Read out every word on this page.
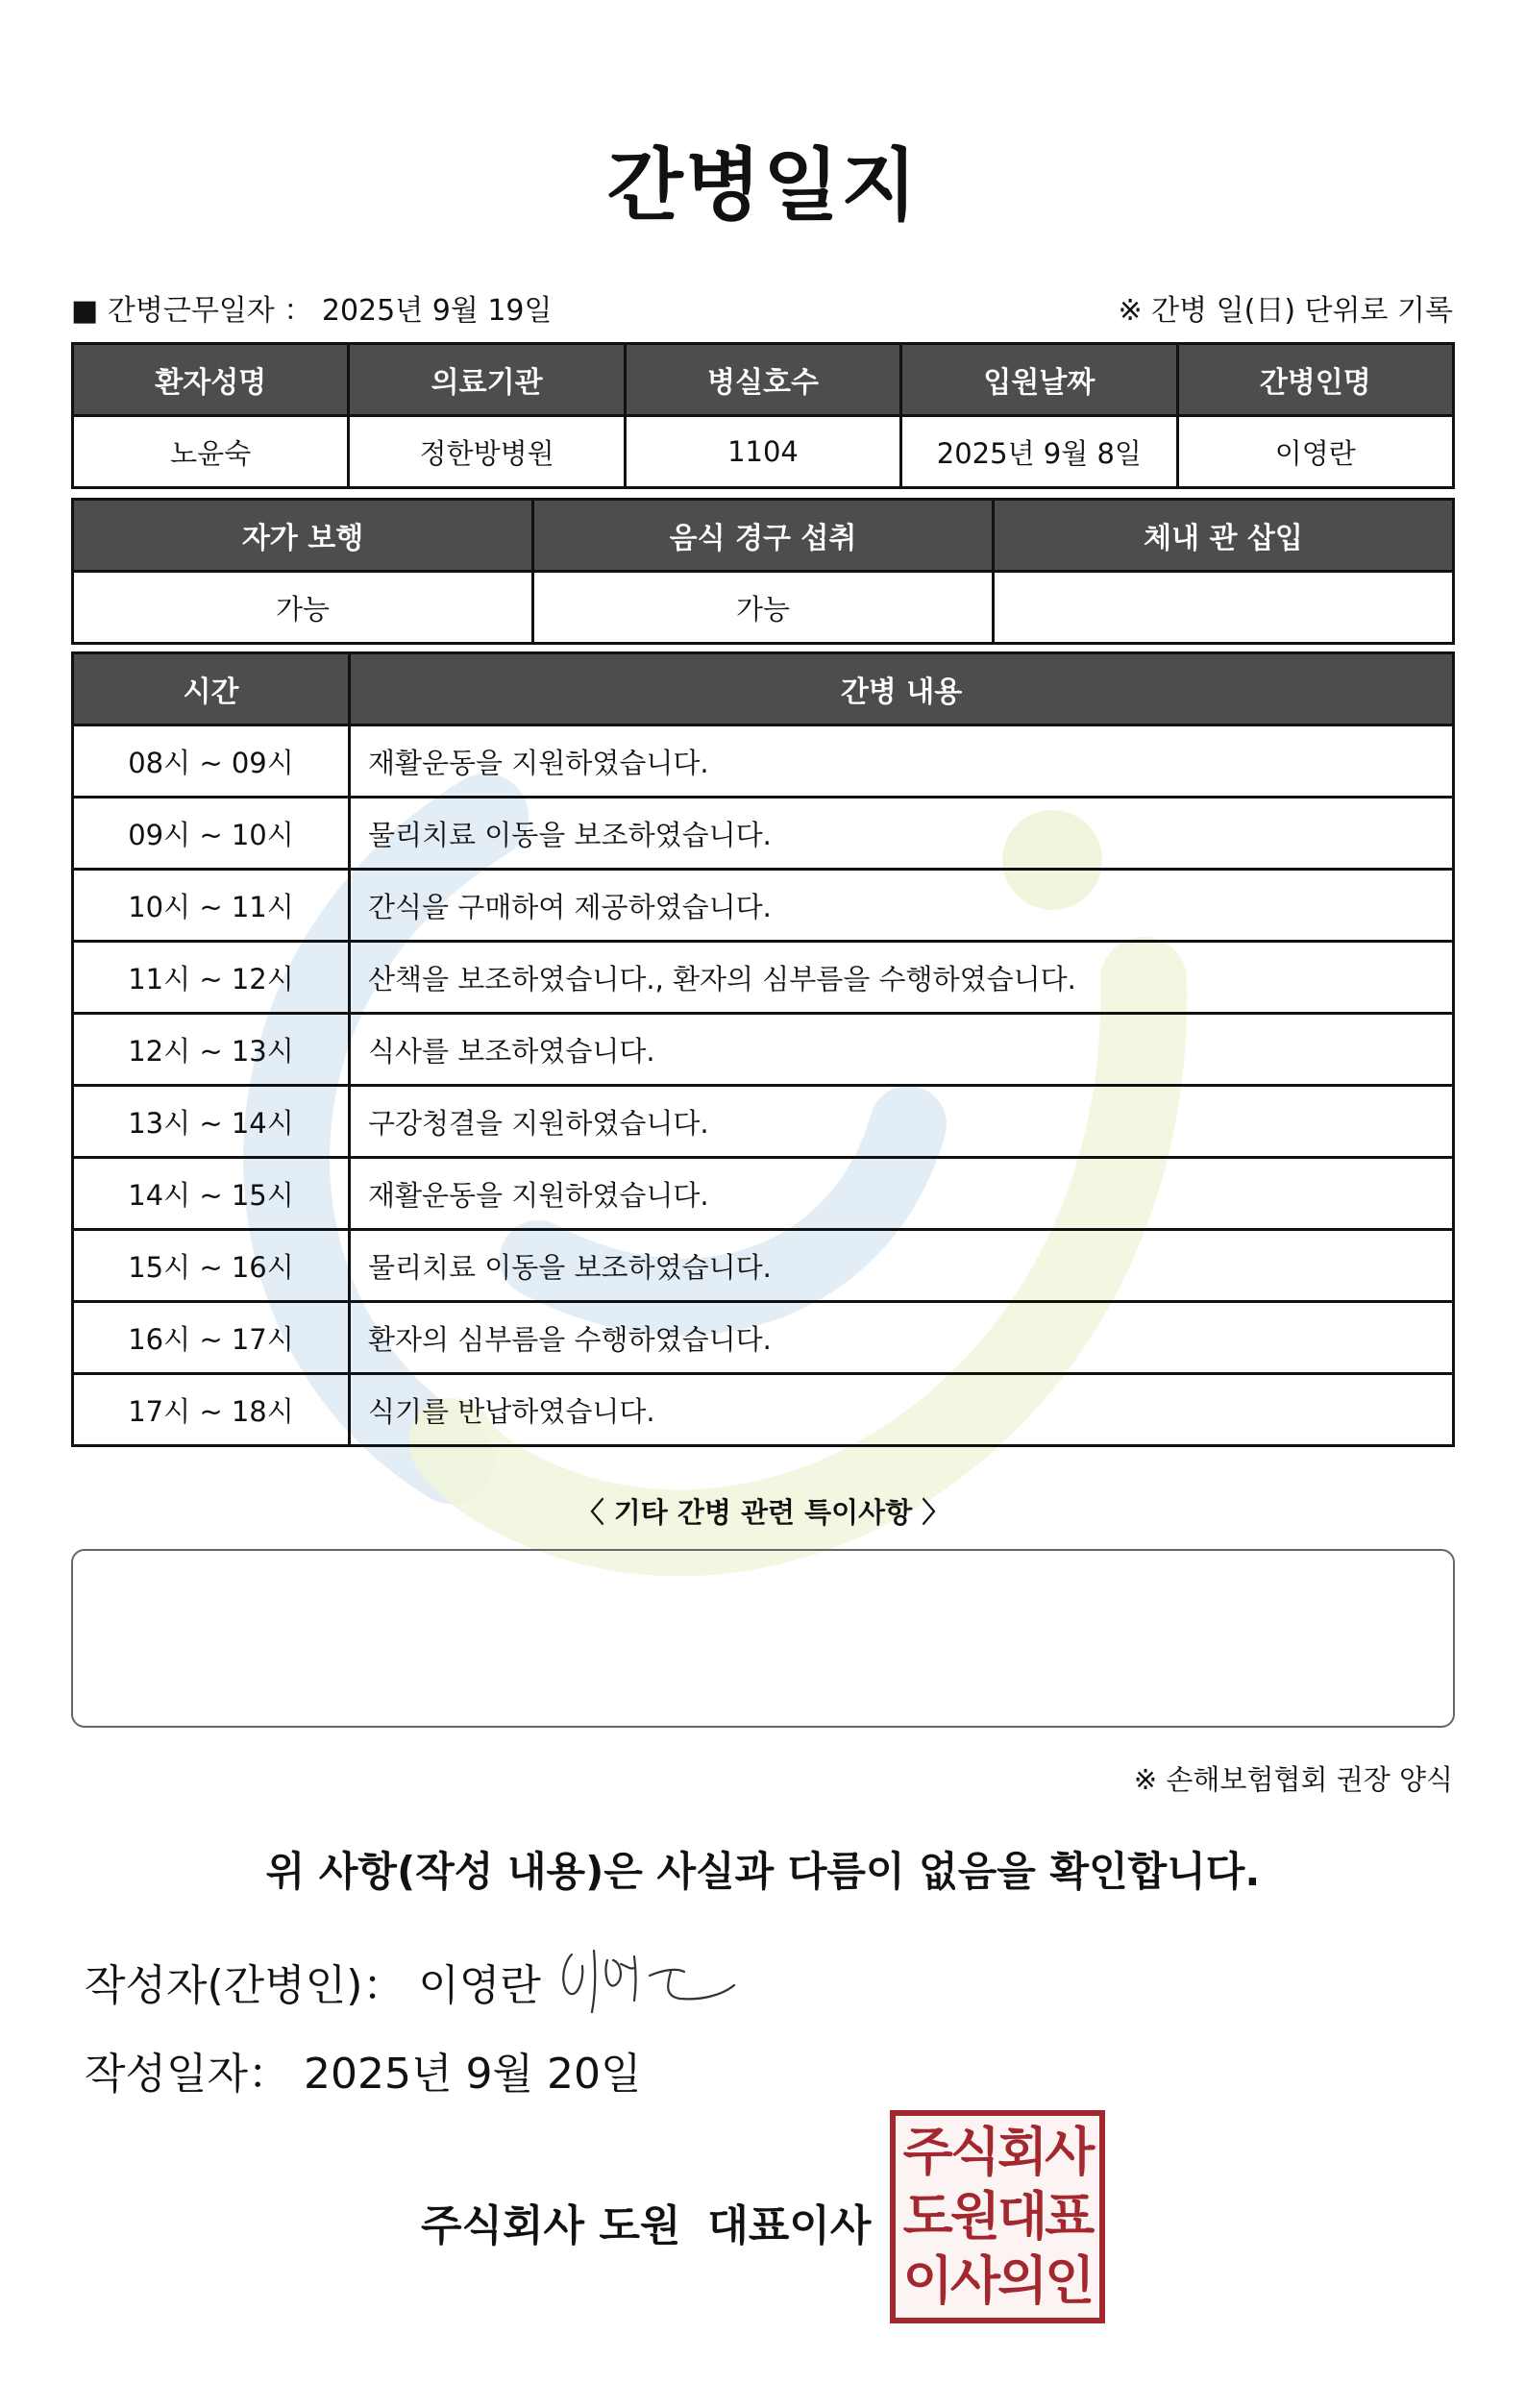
간병일지
■ 간병근무일자 ： 2025년 9월 19일	※ 간병 일(日) 단위로 기록
환자성명	의료기관	병실호수	입원날짜	간병인명
노윤숙	정한방병원	1104	2025년 9월 8일	이영란
자가 보행	음식 경구 섭취	체내 관 삽입
가능	가능	
시간	간병 내용
08시 ~ 09시	재활운동을 지원하였습니다.
09시 ~ 10시	물리치료 이동을 보조하였습니다.
10시 ~ 11시	간식을 구매하여 제공하였습니다.
11시 ~ 12시	산책을 보조하였습니다., 환자의 심부름을 수행하였습니다.
12시 ~ 13시	식사를 보조하였습니다.
13시 ~ 14시	구강청결을 지원하였습니다.
14시 ~ 15시	재활운동을 지원하였습니다.
15시 ~ 16시	물리치료 이동을 보조하였습니다.
16시 ~ 17시	환자의 심부름을 수행하였습니다.
17시 ~ 18시	식기를 반납하였습니다.
〈 기타 간병 관련 특이사항 〉
※ 손해보험협회 권장 양식
위 사항(작성 내용)은 사실과 다름이 없음을 확인합니다.
작성자(간병인)： 이영란
작성일자： 2025년 9월 20일
주식회사 도원 대표이사
주식회사
도원대표
이사의인
